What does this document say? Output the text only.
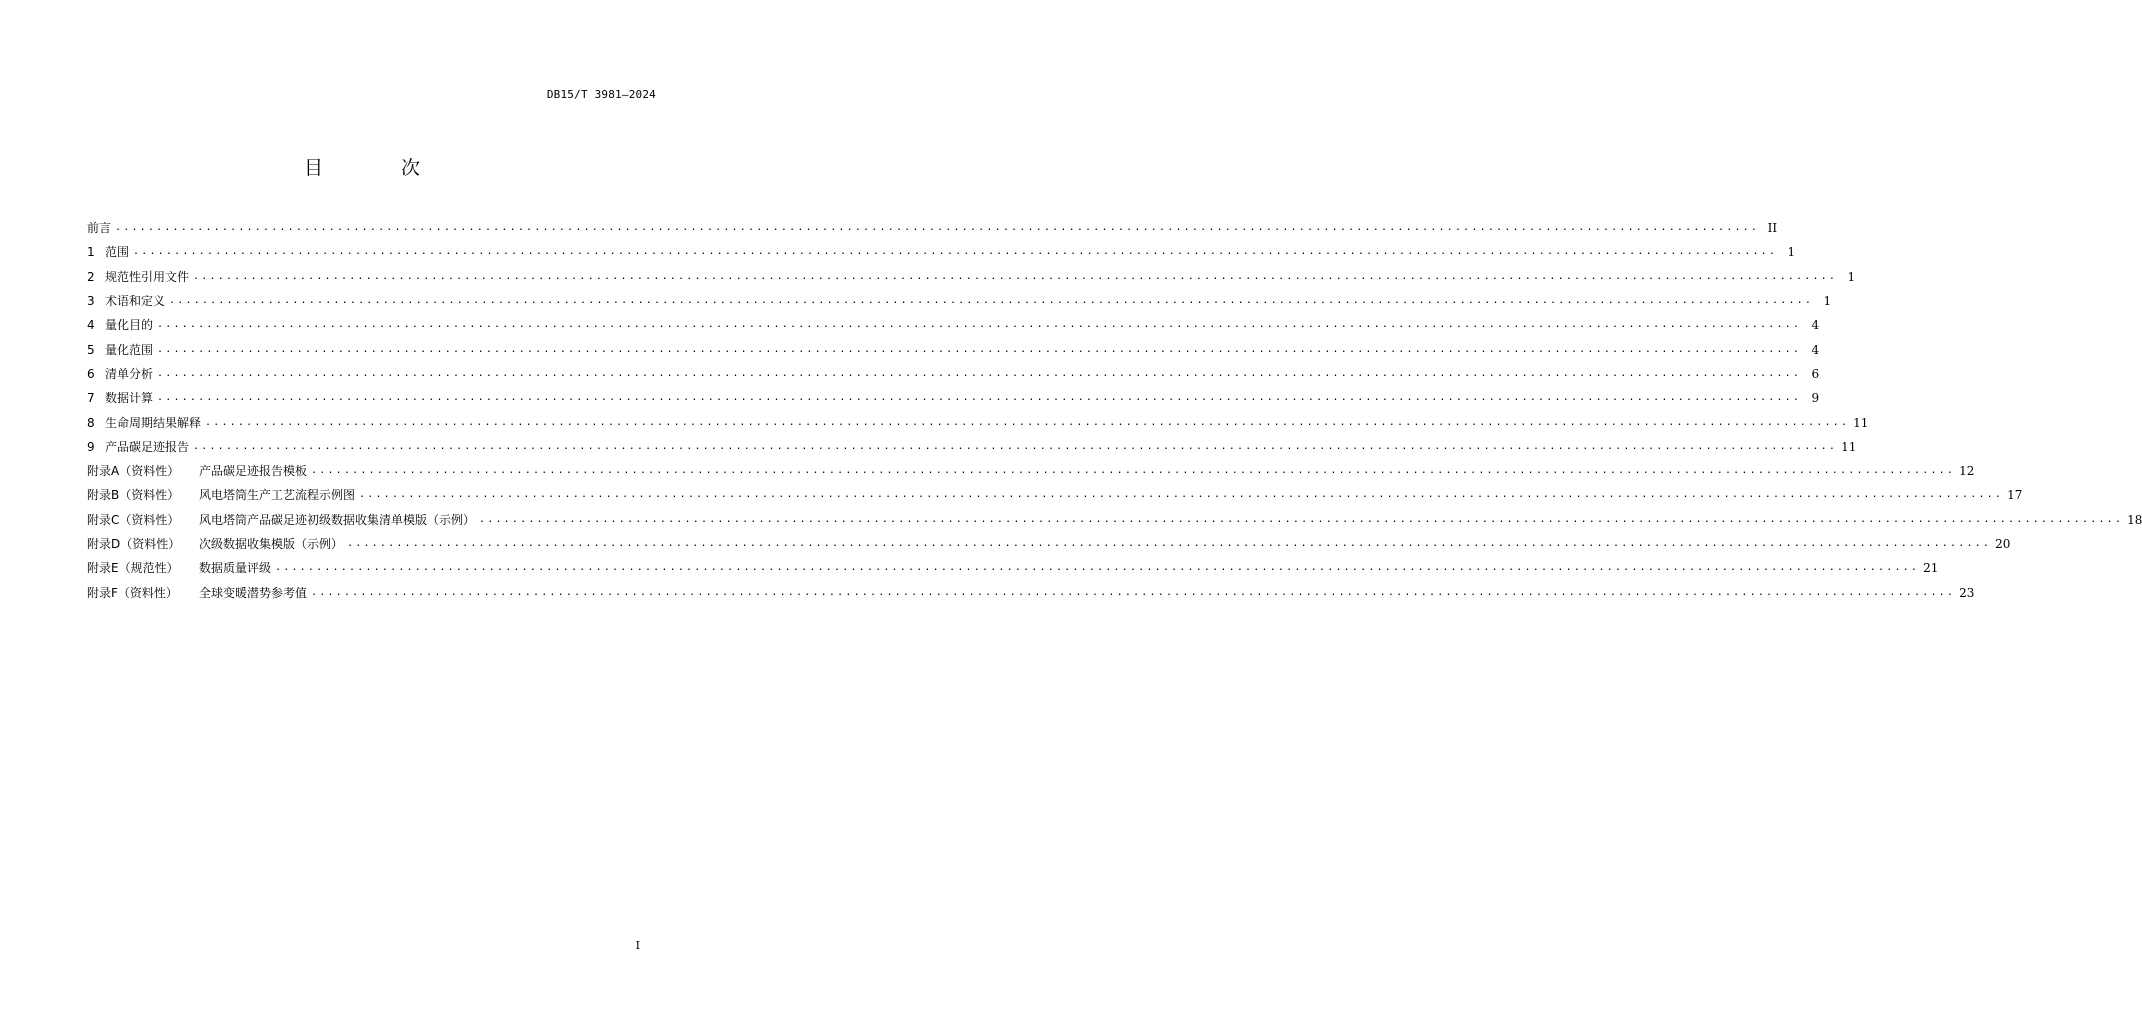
DB15/T 3981—2024
目 次
前言 ........................................................................................................................................................................................................ II
1 范围 ........................................................................................................................................................................................................ 1
2 规范性引用文件 ........................................................................................................................................................................................................ 1
3 术语和定义 ........................................................................................................................................................................................................ 1
4 量化目的 ........................................................................................................................................................................................................ 4
5 量化范围 ........................................................................................................................................................................................................ 4
6 清单分析 ........................................................................................................................................................................................................ 6
7 数据计算 ........................................................................................................................................................................................................ 9
8 生命周期结果解释 ........................................................................................................................................................................................................ 11
9 产品碳足迹报告 ........................................................................................................................................................................................................ 11
附录A（资料性）	产品碳足迹报告模板 ........................................................................................................................................................................................................ 12
附录B（资料性）	风电塔筒生产工艺流程示例图 ........................................................................................................................................................................................................ 17
附录C（资料性）	风电塔筒产品碳足迹初级数据收集清单模版（示例） ........................................................................................................................................................................................................ 18
附录D（资料性）	次级数据收集模版（示例） ........................................................................................................................................................................................................ 20
附录E（规范性）	数据质量评级 ........................................................................................................................................................................................................ 21
附录F（资料性）	全球变暖潜势参考值 ........................................................................................................................................................................................................ 23
I
